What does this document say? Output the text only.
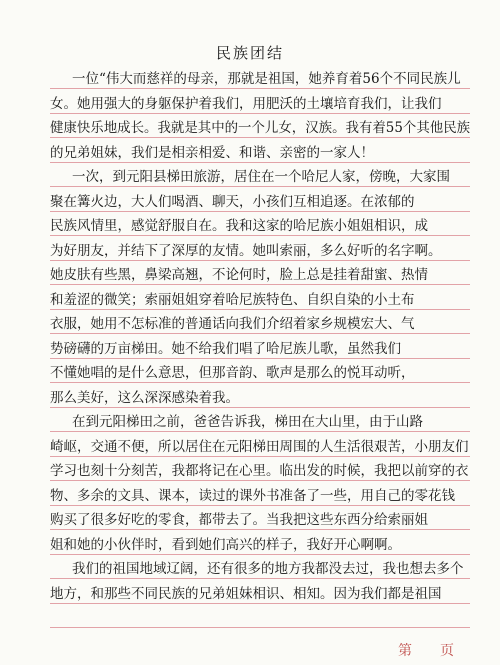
民族团结
一位“伟大而慈祥的母亲，那就是祖国，她养育着56个不同民族儿
女。她用强大的身躯保护着我们，用肥沃的土壤培育我们，让我们
健康快乐地成长。我就是其中的一个儿女，汉族。我有着55个其他民族
的兄弟姐妹，我们是相亲相爱、和谐、亲密的一家人！
一次，到元阳县梯田旅游，居住在一个哈尼人家，傍晚，大家围
聚在篝火边，大人们喝酒、聊天，小孩们互相追逐。在浓郁的
民族风情里，感觉舒服自在。我和这家的哈尼族小姐姐相识，成
为好朋友，并结下了深厚的友情。她叫索丽，多么好听的名字啊。
她皮肤有些黑，鼻梁高翘，不论何时，脸上总是挂着甜蜜、热情
和羞涩的微笑；索丽姐姐穿着哈尼族特色、自织自染的小土布
衣服，她用不怎标准的普通话向我们介绍着家乡规模宏大、气
势磅礴的万亩梯田。她不给我们唱了哈尼族儿歌，虽然我们
不懂她唱的是什么意思，但那音韵、歌声是那么的悦耳动听，
那么美好，这么深深感染着我。
在到元阳梯田之前，爸爸告诉我，梯田在大山里，由于山路
崎岖，交通不便，所以居住在元阳梯田周围的人生活很艰苦，小朋友们
学习也刻十分刻苦，我都将记在心里。临出发的时候，我把以前穿的衣
物、多余的文具、课本，读过的课外书准备了一些，用自己的零花钱
购买了很多好吃的零食，都带去了。当我把这些东西分给索丽姐
姐和她的小伙伴时，看到她们高兴的样子，我好开心啊啊。
我们的祖国地域辽阔，还有很多的地方我都没去过，我也想去多个
地方，和那些不同民族的兄弟姐妹相识、相知。因为我们都是祖国
第 页
